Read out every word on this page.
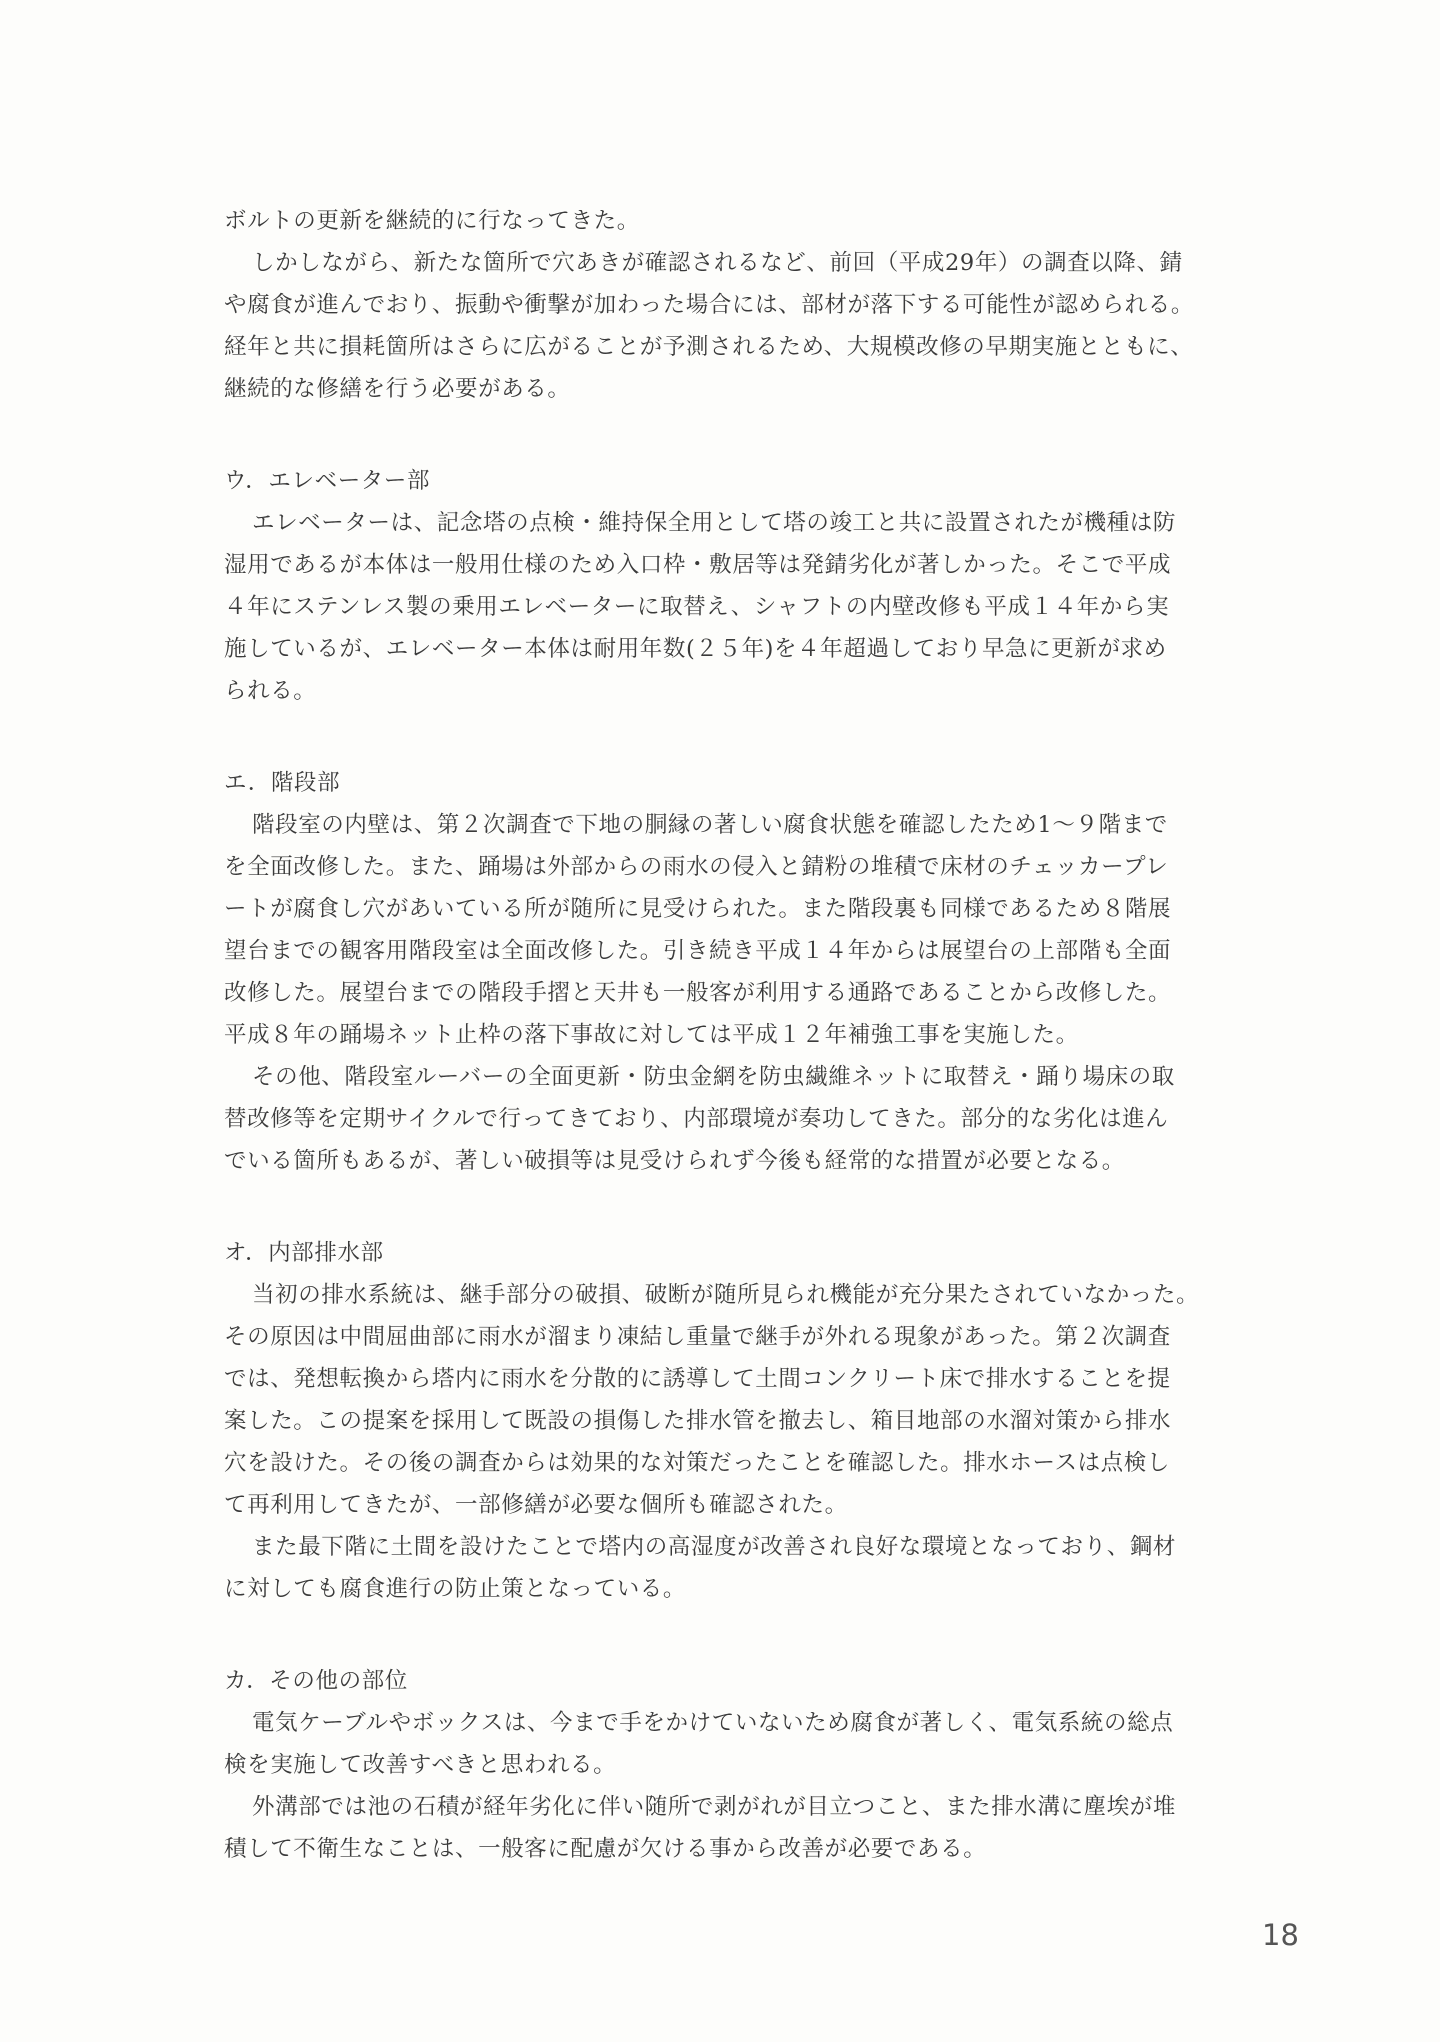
ボルトの更新を継続的に行なってきた。
しかしながら、新たな箇所で穴あきが確認されるなど、前回（平成29年）の調査以降、錆
や腐食が進んでおり、振動や衝撃が加わった場合には、部材が落下する可能性が認められる。
経年と共に損耗箇所はさらに広がることが予測されるため、大規模改修の早期実施とともに、
継続的な修繕を行う必要がある。
ウ．エレベーター部
エレベーターは、記念塔の点検・維持保全用として塔の竣工と共に設置されたが機種は防
湿用であるが本体は一般用仕様のため入口枠・敷居等は発錆劣化が著しかった。そこで平成
４年にステンレス製の乗用エレベーターに取替え、シャフトの内壁改修も平成１４年から実
施しているが、エレベーター本体は耐用年数(２５年)を４年超過しており早急に更新が求め
られる。
エ．階段部
階段室の内壁は、第２次調査で下地の胴縁の著しい腐食状態を確認したため1～９階まで
を全面改修した。また、踊場は外部からの雨水の侵入と錆粉の堆積で床材のチェッカープレ
ートが腐食し穴があいている所が随所に見受けられた。また階段裏も同様であるため８階展
望台までの観客用階段室は全面改修した。引き続き平成１４年からは展望台の上部階も全面
改修した。展望台までの階段手摺と天井も一般客が利用する通路であることから改修した。
平成８年の踊場ネット止枠の落下事故に対しては平成１２年補強工事を実施した。
その他、階段室ルーバーの全面更新・防虫金網を防虫繊維ネットに取替え・踊り場床の取
替改修等を定期サイクルで行ってきており、内部環境が奏功してきた。部分的な劣化は進ん
でいる箇所もあるが、著しい破損等は見受けられず今後も経常的な措置が必要となる。
オ．内部排水部
当初の排水系統は、継手部分の破損、破断が随所見られ機能が充分果たされていなかった。
その原因は中間屈曲部に雨水が溜まり凍結し重量で継手が外れる現象があった。第２次調査
では、発想転換から塔内に雨水を分散的に誘導して土間コンクリート床で排水することを提
案した。この提案を採用して既設の損傷した排水管を撤去し、箱目地部の水溜対策から排水
穴を設けた。その後の調査からは効果的な対策だったことを確認した。排水ホースは点検し
て再利用してきたが、一部修繕が必要な個所も確認された。
また最下階に土間を設けたことで塔内の高湿度が改善され良好な環境となっており、鋼材
に対しても腐食進行の防止策となっている。
カ．その他の部位
電気ケーブルやボックスは、今まで手をかけていないため腐食が著しく、電気系統の総点
検を実施して改善すべきと思われる。
外溝部では池の石積が経年劣化に伴い随所で剥がれが目立つこと、また排水溝に塵埃が堆
積して不衛生なことは、一般客に配慮が欠ける事から改善が必要である。
18
